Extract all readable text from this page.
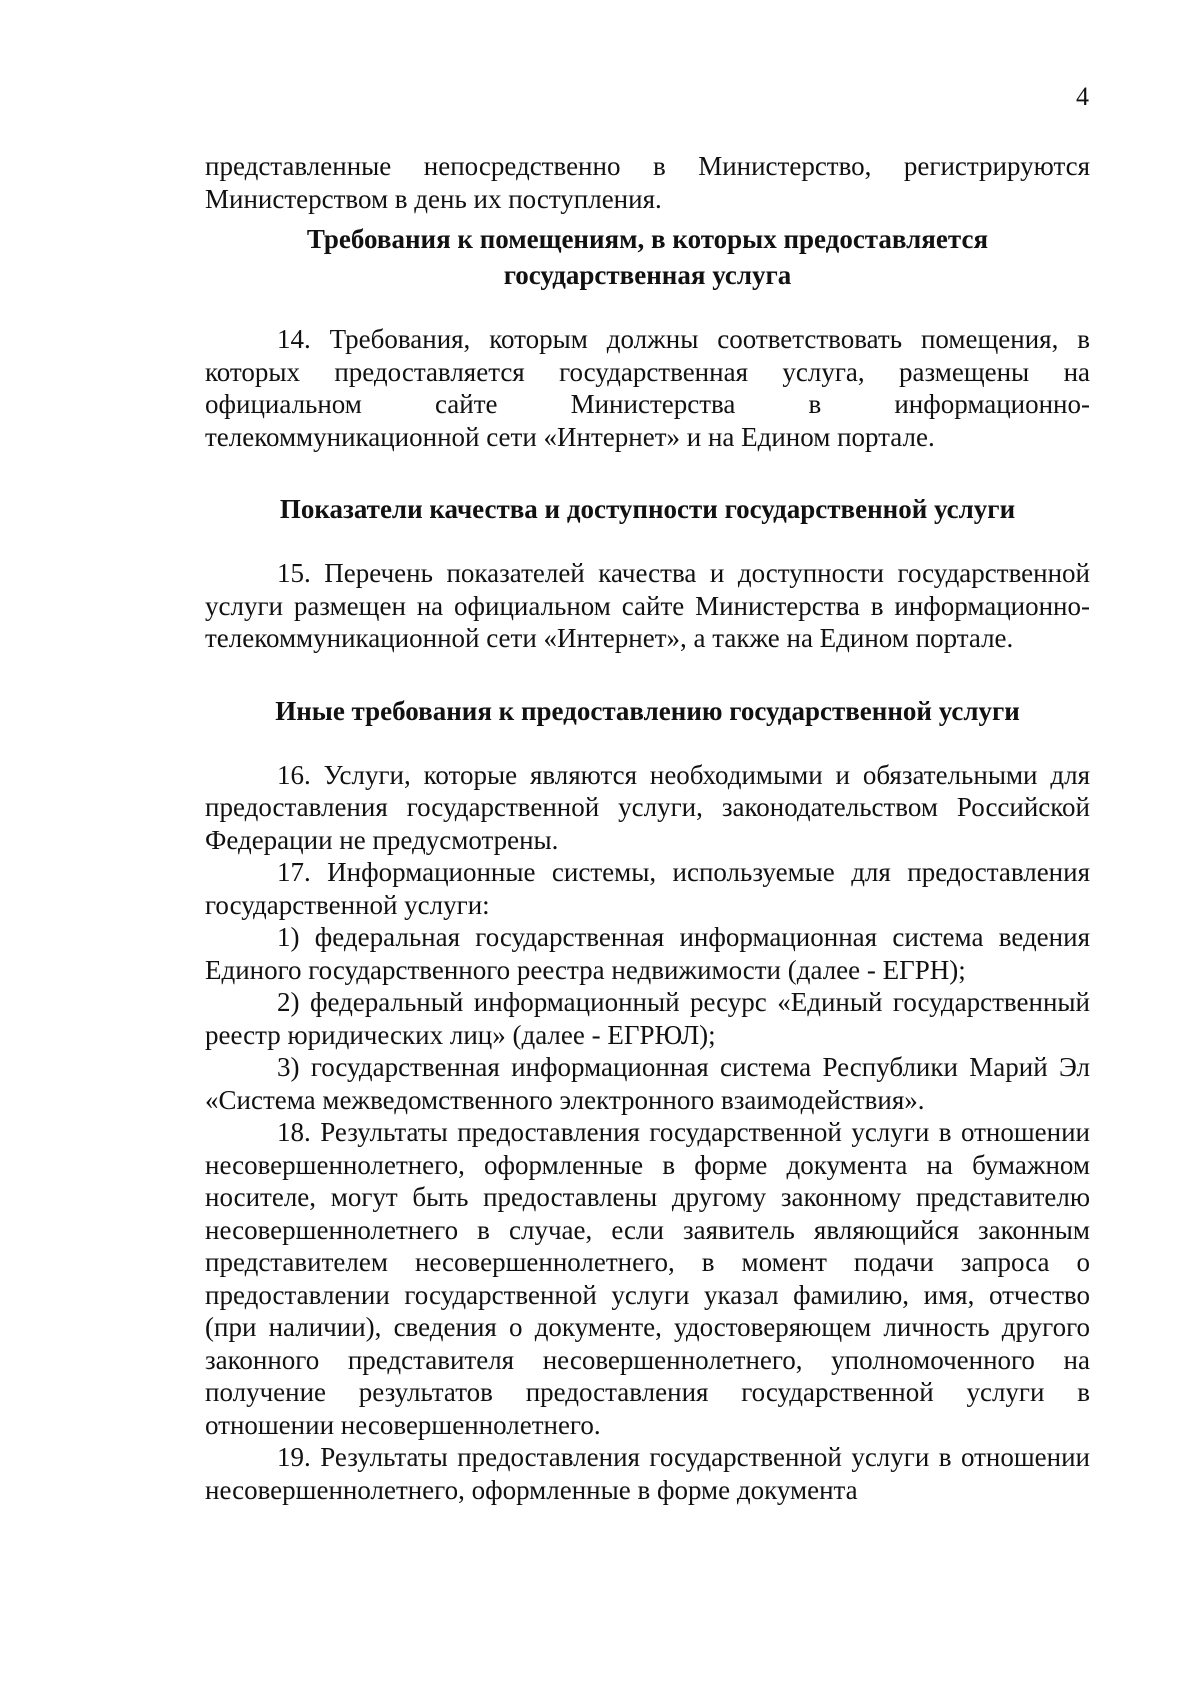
4

представленные непосредственно в Министерство, регистрируются Министерством в день их поступления.

Требования к помещениям, в которых предоставляется государственная услуга

14. Требования, которым должны соответствовать помещения, в которых предоставляется государственная услуга, размещены на официальном сайте Министерства в информационно-телекоммуникационной сети «Интернет» и на Едином портале.

Показатели качества и доступности государственной услуги

15. Перечень показателей качества и доступности государственной услуги размещен на официальном сайте Министерства в информационно-телекоммуникационной сети «Интернет», а также на Едином портале.

Иные требования к предоставлению государственной услуги

16. Услуги, которые являются необходимыми и обязательными для предоставления государственной услуги, законодательством Российской Федерации не предусмотрены.

17. Информационные системы, используемые для предоставления государственной услуги:

1) федеральная государственная информационная система ведения Единого государственного реестра недвижимости (далее - ЕГРН);

2) федеральный информационный ресурс «Единый государственный реестр юридических лиц» (далее - ЕГРЮЛ);

3) государственная информационная система Республики Марий Эл «Система межведомственного электронного взаимодействия».

18. Результаты предоставления государственной услуги в отношении несовершеннолетнего, оформленные в форме документа на бумажном носителе, могут быть предоставлены другому законному представителю несовершеннолетнего в случае, если заявитель являющийся законным представителем несовершеннолетнего, в момент подачи запроса о предоставлении государственной услуги указал фамилию, имя, отчество (при наличии), сведения о документе, удостоверяющем личность другого законного представителя несовершеннолетнего, уполномоченного на получение результатов предоставления государственной услуги в отношении несовершеннолетнего.

19. Результаты предоставления государственной услуги в отношении несовершеннолетнего, оформленные в форме документа
